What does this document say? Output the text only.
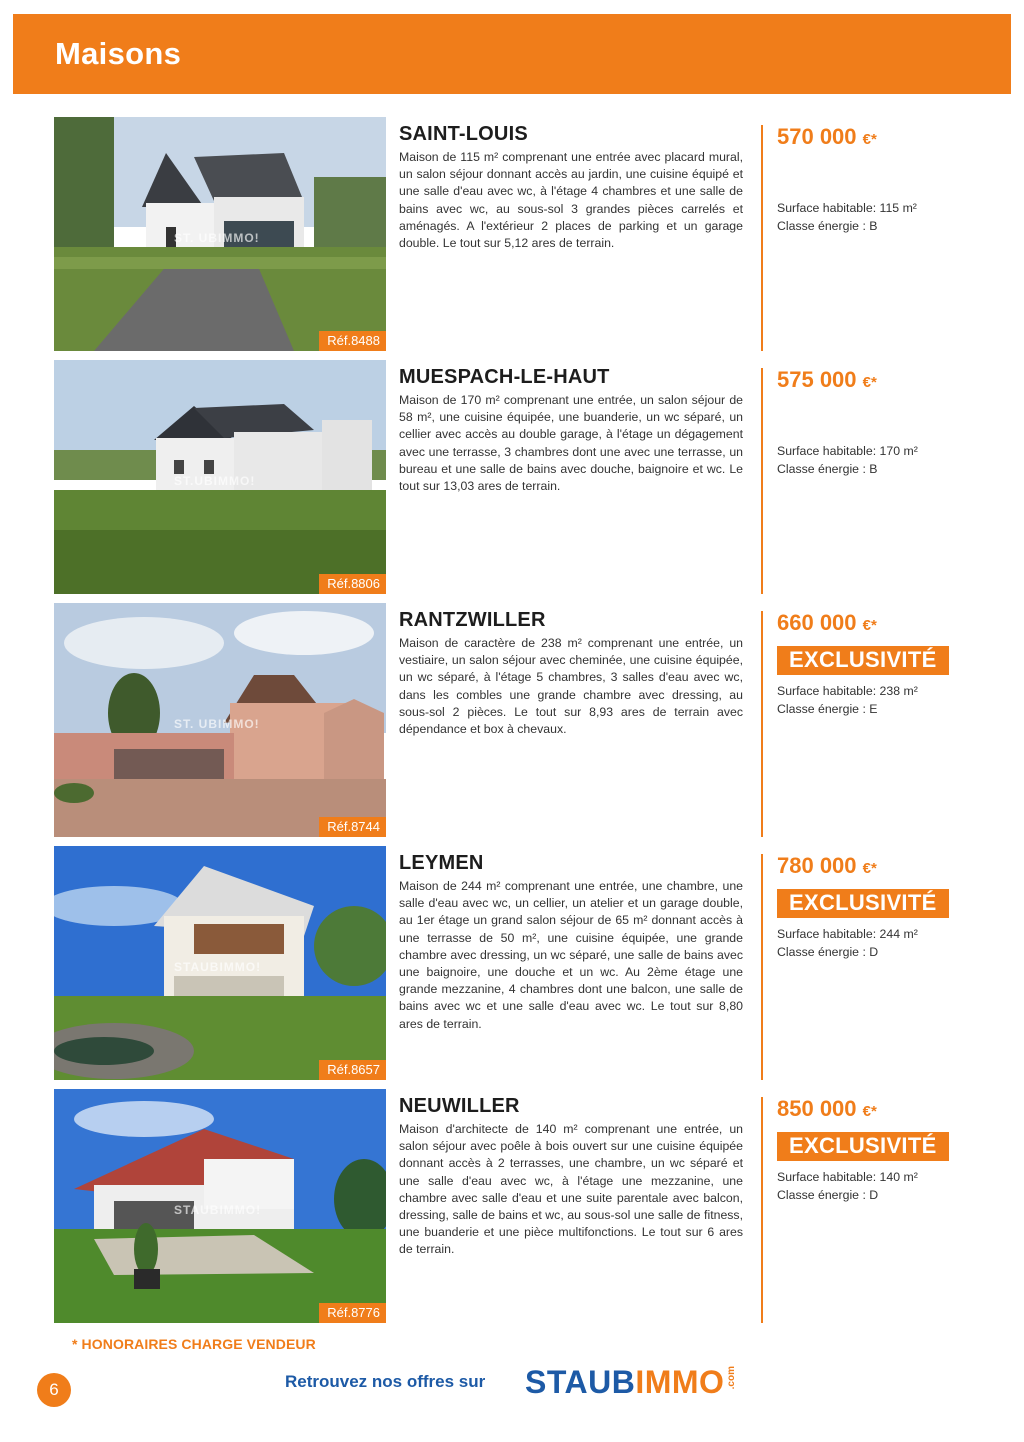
Maisons
ST. UBIMMO!
Réf.8488
SAINT-LOUIS

Maison de 115 m² comprenant une entrée avec placard mural, un salon séjour donnant accès au jardin, une cuisine équipé et une salle d'eau avec wc, à l'étage 4 chambres et une salle de bains avec wc, au sous-sol 3 grandes pièces carrelés et aménagés. A l'extérieur 2 places de parking et un garage double. Le tout sur 5,12 ares de terrain.

570 000 €*
Surface habitable: 115 m²
Classe énergie : B
ST.UBIMMO!
Réf.8806
MUESPACH-LE-HAUT

Maison de 170 m² comprenant une entrée, un salon séjour de 58 m², une cuisine équipée, une buanderie, un wc séparé, un cellier avec accès au double garage, à l'étage un dégagement avec une terrasse, 3 chambres dont une avec une terrasse, un bureau et une salle de bains avec douche, baignoire et wc. Le tout sur 13,03 ares de terrain.

575 000 €*
Surface habitable: 170 m²
Classe énergie : B
ST. UBIMMO!
Réf.8744
RANTZWILLER

Maison de caractère de 238 m² comprenant une entrée, un vestiaire, un salon séjour avec cheminée, une cuisine équipée, un wc séparé, à l'étage 5 chambres, 3 salles d'eau avec wc, dans les combles une grande chambre avec dressing, au sous-sol 2 pièces. Le tout sur 8,93 ares de terrain avec dépendance et box à chevaux.

660 000 €*
EXCLUSIVITÉ
Surface habitable: 238 m²
Classe énergie : E
STAUBIMMO!
Réf.8657
LEYMEN

Maison de 244 m² comprenant une entrée, une chambre, une salle d'eau avec wc, un cellier, un atelier et un garage double, au 1er étage un grand salon séjour de 65 m² donnant accès à une terrasse de 50 m², une cuisine équipée, une grande chambre avec dressing, un wc séparé, une salle de bains avec une baignoire, une douche et un wc. Au 2ème étage une grande mezzanine, 4 chambres dont une balcon, une salle de bains avec wc et une salle d'eau avec wc. Le tout sur 8,80 ares de terrain.

780 000 €*
EXCLUSIVITÉ
Surface habitable: 244 m²
Classe énergie : D
STAUBIMMO!
Réf.8776
NEUWILLER

Maison d'architecte de 140 m² comprenant une entrée, un salon séjour avec poêle à bois ouvert sur une cuisine équipée donnant accès à 2 terrasses, une chambre, un wc séparé et une salle d'eau avec wc, à l'étage une mezzanine, une chambre avec salle d'eau et une suite parentale avec balcon, dressing, salle de bains et wc, au sous-sol une salle de fitness, une buanderie et une pièce multifonctions. Le tout sur 6 ares de terrain.

850 000 €*
EXCLUSIVITÉ
Surface habitable: 140 m²
Classe énergie : D
* HONORAIRES CHARGE VENDEUR
6	Retrouvez nos offres sur STAUB IMMO .com
